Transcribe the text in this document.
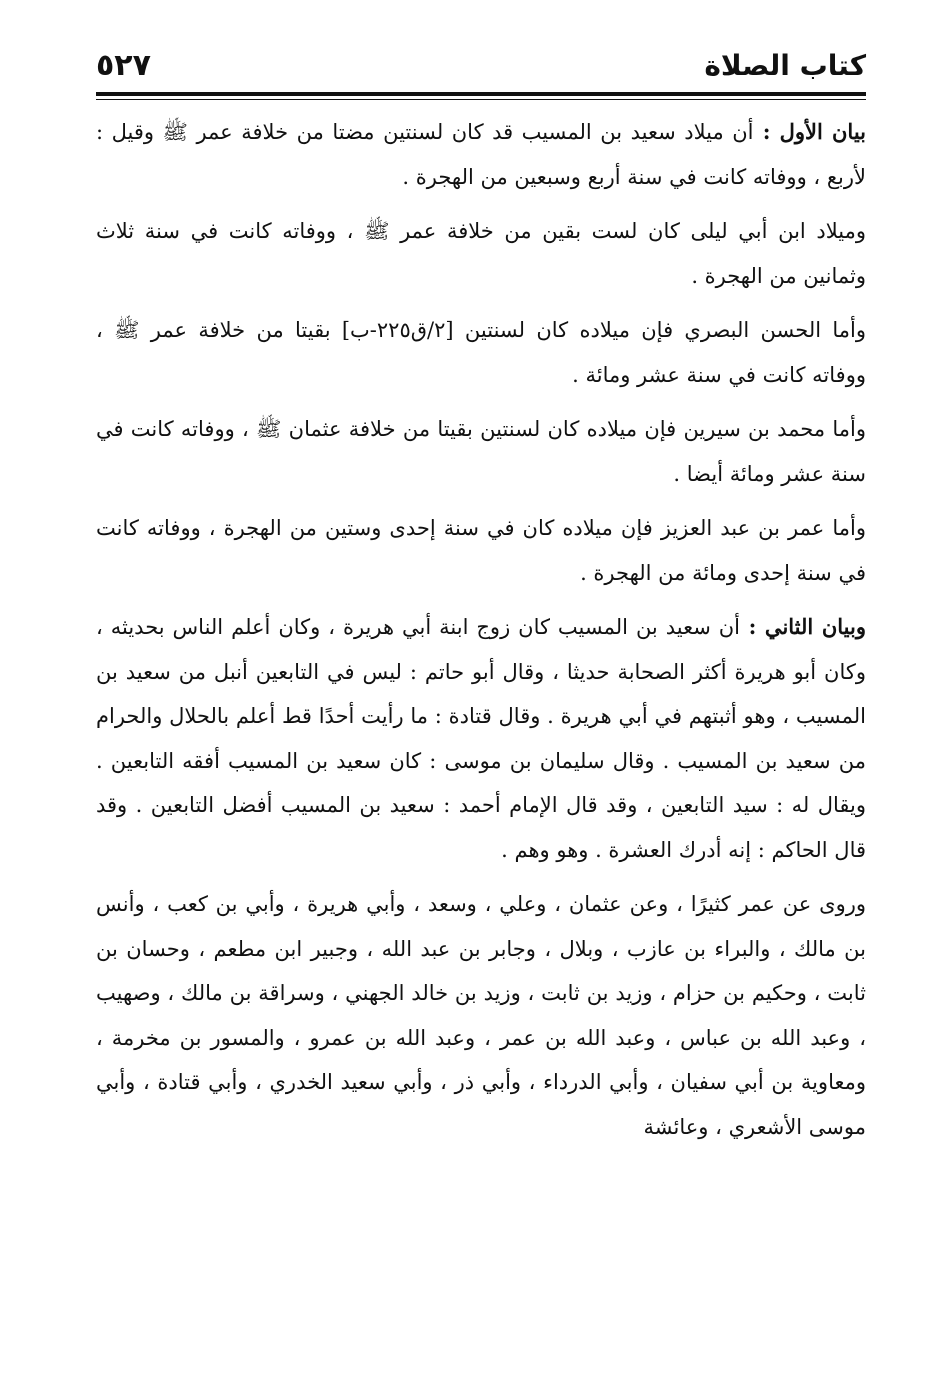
كتاب الصلاة
٥٢٧

بيان الأول : أن ميلاد سعيد بن المسيب قد كان لسنتين مضتا من خلافة عمر ﷺ وقيل : لأربع ، ووفاته كانت في سنة أربع وسبعين من الهجرة .

وميلاد ابن أبي ليلى كان لست بقين من خلافة عمر ﷺ ، ووفاته كانت في سنة ثلاث وثمانين من الهجرة .

وأما الحسن البصري فإن ميلاده كان لسنتين [٢/ق٢٢٥-ب] بقيتا من خلافة عمر ﷺ ، ووفاته كانت في سنة عشر ومائة .

وأما محمد بن سيرين فإن ميلاده كان لسنتين بقيتا من خلافة عثمان ﷺ ، ووفاته كانت في سنة عشر ومائة أيضا .

وأما عمر بن عبد العزيز فإن ميلاده كان في سنة إحدى وستين من الهجرة ، ووفاته كانت في سنة إحدى ومائة من الهجرة .

وبيان الثاني : أن سعيد بن المسيب كان زوج ابنة أبي هريرة ، وكان أعلم الناس بحديثه ، وكان أبو هريرة أكثر الصحابة حديثا ، وقال أبو حاتم : ليس في التابعين أنبل من سعيد بن المسيب ، وهو أثبتهم في أبي هريرة . وقال قتادة : ما رأيت أحدًا قط أعلم بالحلال والحرام من سعيد بن المسيب . وقال سليمان بن موسى : كان سعيد بن المسيب أفقه التابعين . ويقال له : سيد التابعين ، وقد قال الإمام أحمد : سعيد بن المسيب أفضل التابعين . وقد قال الحاكم : إنه أدرك العشرة . وهو وهم .

وروى عن عمر كثيرًا ، وعن عثمان ، وعلي ، وسعد ، وأبي هريرة ، وأبي بن كعب ، وأنس بن مالك ، والبراء بن عازب ، وبلال ، وجابر بن عبد الله ، وجبير ابن مطعم ، وحسان بن ثابت ، وحكيم بن حزام ، وزيد بن ثابت ، وزيد بن خالد الجهني ، وسراقة بن مالك ، وصهيب ، وعبد الله بن عباس ، وعبد الله بن عمر ، وعبد الله بن عمرو ، والمسور بن مخرمة ، ومعاوية بن أبي سفيان ، وأبي الدرداء ، وأبي ذر ، وأبي سعيد الخدري ، وأبي قتادة ، وأبي موسى الأشعري ، وعائشة
